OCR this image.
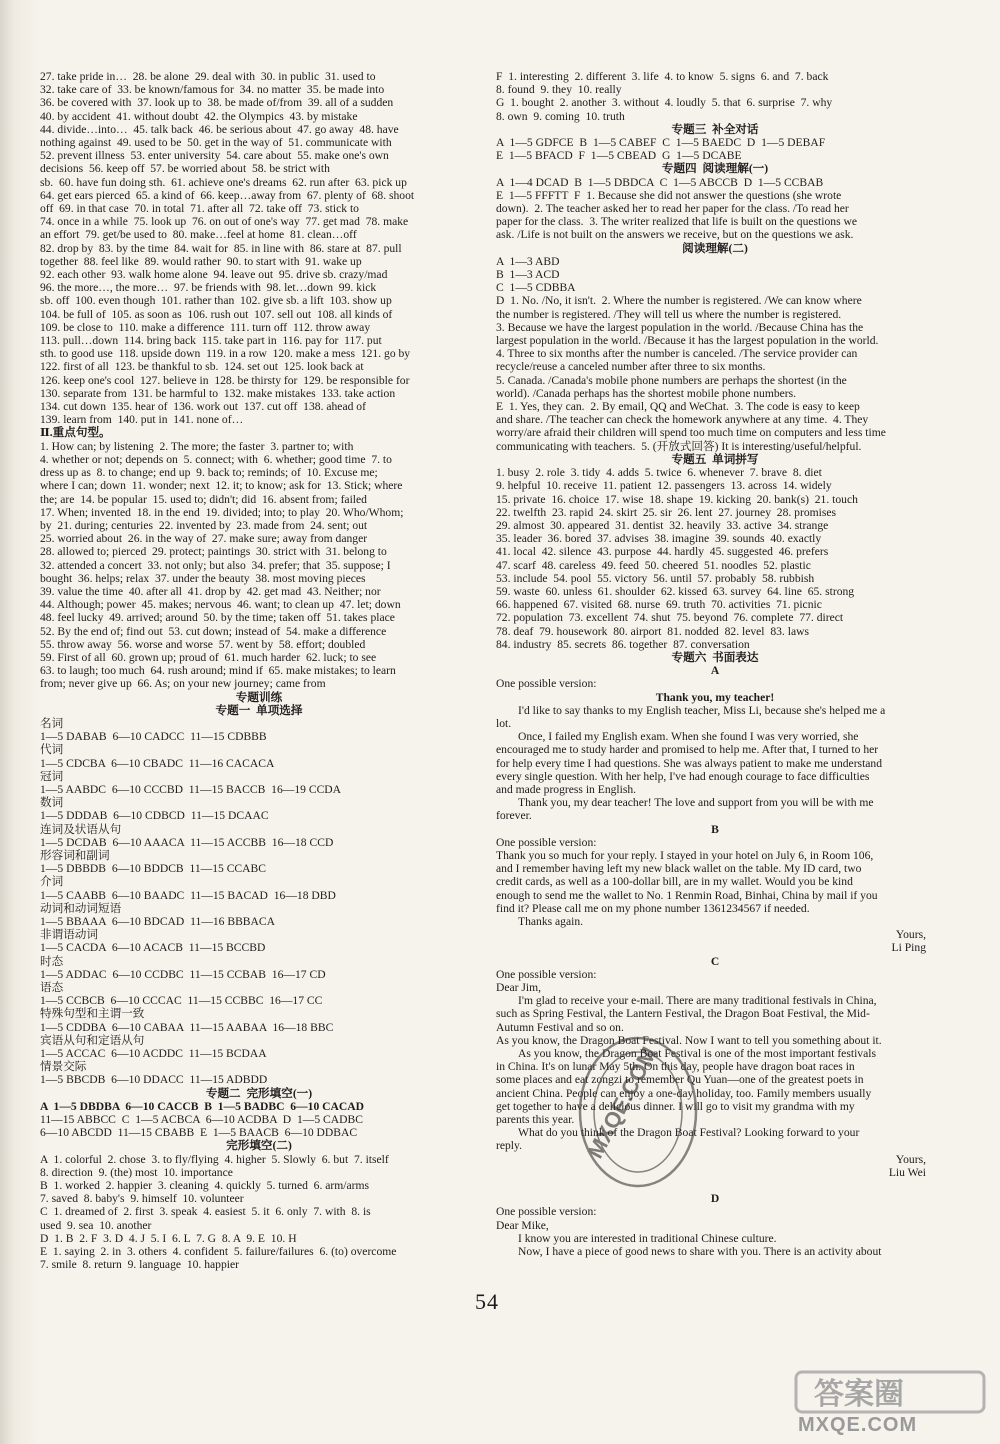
27. take pride in…  28. be alone  29. deal with  30. in public  31. used to
32. take care of  33. be known/famous for  34. no matter  35. be made into
36. be covered with  37. look up to  38. be made of/from  39. all of a sudden
40. by accident  41. without doubt  42. the Olympics  43. by mistake
44. divide…into…  45. talk back  46. be serious about  47. go away  48. have
nothing against  49. used to be  50. get in the way of  51. communicate with
52. prevent illness  53. enter university  54. care about  55. make one's own
decisions  56. keep off  57. be worried about  58. be strict with
sb.  60. have fun doing sth.  61. achieve one's dreams  62. run after  63. pick up
64. get ears pierced  65. a kind of  66. keep…away from  67. plenty of  68. shoot
off  69. in that case  70. in total  71. after all  72. take off  73. stick to
74. once in a while  75. look up  76. on out of one's way  77. get mad  78. make
an effort  79. get/be used to  80. make…feel at home  81. clean…off
82. drop by  83. by the time  84. wait for  85. in line with  86. stare at  87. pull
together  88. feel like  89. would rather  90. to start with  91. wake up
92. each other  93. walk home alone  94. leave out  95. drive sb. crazy/mad
96. the more…, the more…  97. be friends with  98. let…down  99. kick
sb. off  100. even though  101. rather than  102. give sb. a lift  103. show up
104. be full of  105. as soon as  106. rush out  107. sell out  108. all kinds of
109. be close to  110. make a difference  111. turn off  112. throw away
113. pull…down  114. bring back  115. take part in  116. pay for  117. put
sth. to good use  118. upside down  119. in a row  120. make a mess  121. go by
122. first of all  123. be thankful to sb.  124. set out  125. look back at
126. keep one's cool  127. believe in  128. be thirsty for  129. be responsible for
130. separate from  131. be harmful to  132. make mistakes  133. take action
134. cut down  135. hear of  136. work out  137. cut off  138. ahead of
139. learn from  140. put in  141. none of…
Ⅱ.重点句型。
1. How can; by listening  2. The more; the faster  3. partner to; with
4. whether or not; depends on  5. connect; with  6. whether; good time  7. to
dress up as  8. to change; end up  9. back to; reminds; of  10. Excuse me;
where I can; down  11. wonder; next  12. it; to know; ask for  13. Stick; where
the; are  14. be popular  15. used to; didn't; did  16. absent from; failed
17. When; invented  18. in the end  19. divided; into; to play  20. Who/Whom;
by  21. during; centuries  22. invented by  23. made from  24. sent; out
25. worried about  26. in the way of  27. make sure; away from danger
28. allowed to; pierced  29. protect; paintings  30. strict with  31. belong to
32. attended a concert  33. not only; but also  34. prefer; that  35. suppose; I
bought  36. helps; relax  37. under the beauty  38. most moving pieces
39. value the time  40. after all  41. drop by  42. get mad  43. Neither; nor
44. Although; power  45. makes; nervous  46. want; to clean up  47. let; down
48. feel lucky  49. arrived; around  50. by the time; taken off  51. takes place
52. By the end of; find out  53. cut down; instead of  54. make a difference
55. throw away  56. worse and worse  57. went by  58. effort; doubled
59. First of all  60. grown up; proud of  61. much harder  62. luck; to see
63. to laugh; too much  64. rush around; mind if  65. make mistakes; to learn
from; never give up  66. As; on your new journey; came from
专题训练
专题一  单项选择
名词
1—5 DABAB  6—10 CADCC  11—15 CDBBB
代词
1—5 CDCBA  6—10 CBADC  11—16 CACACA
冠词
1—5 AABDC  6—10 CCCBD  11—15 BACCB  16—19 CCDA
数词
1—5 DDDAB  6—10 CDBCD  11—15 DCAAC
连词及状语从句
1—5 DCDAB  6—10 AAACA  11—15 ACCBB  16—18 CCD
形容词和副词
1—5 DBBDB  6—10 BDDCB  11—15 CCABC
介词
1—5 CAABB  6—10 BAADC  11—15 BACAD  16—18 DBD
动词和动词短语
1—5 BBAAA  6—10 BDCAD  11—16 BBBACA
非谓语动词
1—5 CACDA  6—10 ACACB  11—15 BCCBD
时态
1—5 ADDAC  6—10 CCDBC  11—15 CCBAB  16—17 CD
语态
1—5 CCBCB  6—10 CCCAC  11—15 CCBBC  16—17 CC
特殊句型和主谓一致
1—5 CDDBA  6—10 CABAA  11—15 AABAA  16—18 BBC
宾语从句和定语从句
1—5 ACCAC  6—10 ACDDC  11—15 BCDAA
情景交际
1—5 BBCDB  6—10 DDACC  11—15 ADBDD
专题二  完形填空(一)
A  1—5 DBDBA  6—10 CACCB  B  1—5 BADBC  6—10 CACAD
11—15 ABBCC  C  1—5 ACBCA  6—10 ACDBA  D  1—5 CADBC
6—10 ABCDD  11—15 CBABB  E  1—5 BAACB  6—10 DDBAC
完形填空(二)
A  1. colorful  2. chose  3. to fly/flying  4. higher  5. Slowly  6. but  7. itself
8. direction  9. (the) most  10. importance
B  1. worked  2. happier  3. cleaning  4. quickly  5. turned  6. arm/arms
7. saved  8. baby's  9. himself  10. volunteer
C  1. dreamed of  2. first  3. speak  4. easiest  5. it  6. only  7. with  8. is
used  9. sea  10. another
D  1. B  2. F  3. D  4. J  5. I  6. L  7. G  8. A  9. E  10. H
E  1. saying  2. in  3. others  4. confident  5. failure/failures  6. (to) overcome
7. smile  8. return  9. language  10. happier
F  1. interesting  2. different  3. life  4. to know  5. signs  6. and  7. back
8. found  9. they  10. really
G  1. bought  2. another  3. without  4. loudly  5. that  6. surprise  7. why
8. own  9. coming  10. truth
专题三  补全对话
A  1—5 GDFCE  B  1—5 CABEF  C  1—5 BAEDC  D  1—5 DEBAF
E  1—5 BFACD  F  1—5 CBEAD  G  1—5 DCABE
专题四  阅读理解(一)
A  1—4 DCAD  B  1—5 DBDCA  C  1—5 ABCCB  D  1—5 CCBAB
E  1—5 FFFTT  F  1. Because she did not answer the questions (she wrote
down).  2. The teacher asked her to read her paper for the class. /To read her
paper for the class.  3. The writer realized that life is built on the questions we
ask. /Life is not built on the answers we receive, but on the questions we ask.
阅读理解(二)
A  1—3 ABD
B  1—3 ACD
C  1—5 CDBBA
D  1. No. /No, it isn't.  2. Where the number is registered. /We can know where
the number is registered. /They will tell us where the number is registered.
3. Because we have the largest population in the world. /Because China has the
largest population in the world. /Because it has the largest population in the world.
4. Three to six months after the number is canceled. /The service provider can
recycle/reuse a canceled number after three to six months.
5. Canada. /Canada's mobile phone numbers are perhaps the shortest (in the
world). /Canada perhaps has the shortest mobile phone numbers.
E  1. Yes, they can.  2. By email, QQ and WeChat.  3. The code is easy to keep
and share. /The teacher can check the homework anywhere at any time.  4. They
worry/are afraid their children will spend too much time on computers and less time
communicating with teachers.  5. (开放式回答) It is interesting/useful/helpful.
专题五  单词拼写
1. busy  2. role  3. tidy  4. adds  5. twice  6. whenever  7. brave  8. diet
9. helpful  10. receive  11. patient  12. passengers  13. across  14. widely
15. private  16. choice  17. wise  18. shape  19. kicking  20. bank(s)  21. touch
22. twelfth  23. rapid  24. skirt  25. sir  26. lent  27. journey  28. promises
29. almost  30. appeared  31. dentist  32. heavily  33. active  34. strange
35. leader  36. bored  37. advises  38. imagine  39. sounds  40. exactly
41. local  42. silence  43. purpose  44. hardly  45. suggested  46. prefers
47. scarf  48. careless  49. feed  50. cheered  51. noodles  52. plastic
53. include  54. pool  55. victory  56. until  57. probably  58. rubbish
59. waste  60. unless  61. shoulder  62. kissed  63. survey  64. line  65. strong
66. happened  67. visited  68. nurse  69. truth  70. activities  71. picnic
72. population  73. excellent  74. shut  75. beyond  76. complete  77. direct
78. deaf  79. housework  80. airport  81. nodded  82. level  83. laws
84. industry  85. secrets  86. together  87. conversation
专题六  书面表达
A
One possible version:
Thank you, my teacher!
I'd like to say thanks to my English teacher, Miss Li, because she's helped me a
lot.
Once, I failed my English exam. When she found I was very worried, she
encouraged me to study harder and promised to help me. After that, I turned to her
for help every time I had questions. She was always patient to make me understand
every single question. With her help, I've had enough courage to face difficulties
and made progress in English.
Thank you, my dear teacher! The love and support from you will be with me
forever.
B
One possible version:
Thank you so much for your reply. I stayed in your hotel on July 6, in Room 106,
and I remember having left my new black wallet on the table. My ID card, two
credit cards, as well as a 100-dollar bill, are in my wallet. Would you be kind
enough to send me the wallet to No. 1 Renmin Road, Binhai, China by mail if you
find it? Please call me on my phone number 1361234567 if needed.
Thanks again.
Yours,
Li Ping
C
One possible version:
Dear Jim,
I'm glad to receive your e-mail. There are many traditional festivals in China,
such as Spring Festival, the Lantern Festival, the Dragon Boat Festival, the Mid-
Autumn Festival and so on.
As you know, the Dragon Boat Festival. Now I want to tell you something about it.
As you know, the Dragon Boat Festival is one of the most important festivals
in China. It's on lunar May 5th. On this day, people have dragon boat races in
some places and eat zongzi to remember Qu Yuan—one of the greatest poets in
ancient China. People can enjoy a one-day holiday, too. Family members usually
get together to have a delicious dinner. I will go to visit my grandma with my
parents this year.
What do you think of the Dragon Boat Festival? Looking forward to your
reply.
Yours,
Liu Wei

D
One possible version:
Dear Mike,
I know you are interested in traditional Chinese culture.
Now, I have a piece of good news to share with you. There is an activity about
54
MXQE.COM
答案圈
MXQE.COM
